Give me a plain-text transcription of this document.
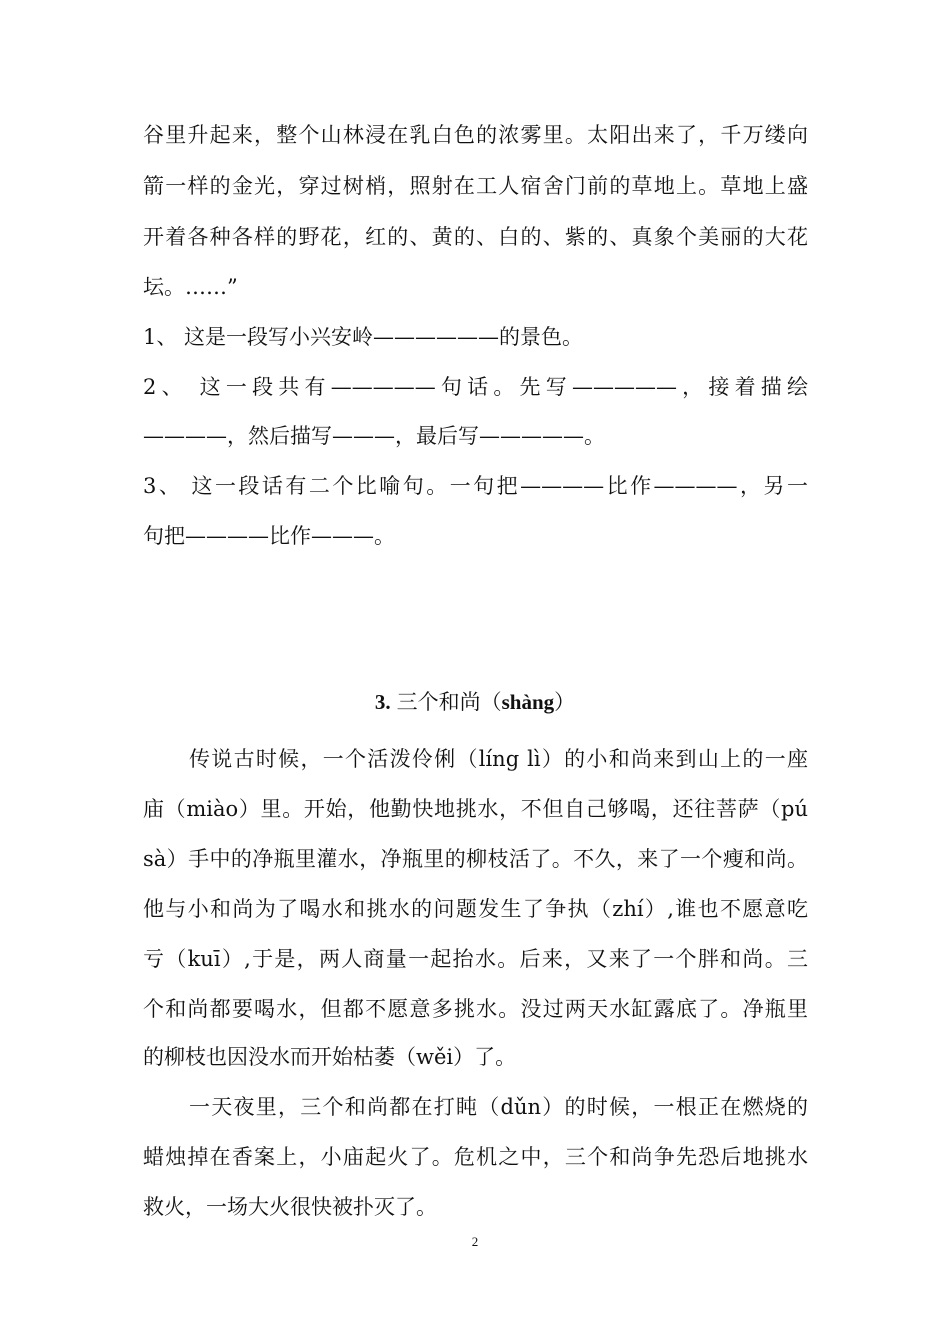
谷里升起来，整个山林浸在乳白色的浓雾里。太阳出来了，千万缕向
箭一样的金光，穿过树梢，照射在工人宿舍门前的草地上。草地上盛
开着各种各样的野花，红的、黄的、白的、紫的、真象个美丽的大花
坛。……”
1、 这是一段写小兴安岭——————的景色。
2、 这一段共有—————句话。先写—————，接着描绘
————，然后描写———，最后写—————。
3、 这一段话有二个比喻句。一句把————比作————，另一
句把————比作———。
3. 三个和尚（shàng）
传说古时候，一个活泼伶俐（líng lì）的小和尚来到山上的一座
庙（miào）里。开始，他勤快地挑水，不但自己够喝，还往菩萨（pú
sà）手中的净瓶里灌水，净瓶里的柳枝活了。不久，来了一个瘦和尚。
他与小和尚为了喝水和挑水的问题发生了争执（zhí）,谁也不愿意吃
亏（kuī）,于是，两人商量一起抬水。后来，又来了一个胖和尚。三
个和尚都要喝水，但都不愿意多挑水。没过两天水缸露底了。净瓶里
的柳枝也因没水而开始枯萎（wěi）了。
一天夜里，三个和尚都在打盹（dǔn）的时候，一根正在燃烧的
蜡烛掉在香案上，小庙起火了。危机之中，三个和尚争先恐后地挑水
救火，一场大火很快被扑灭了。
2
